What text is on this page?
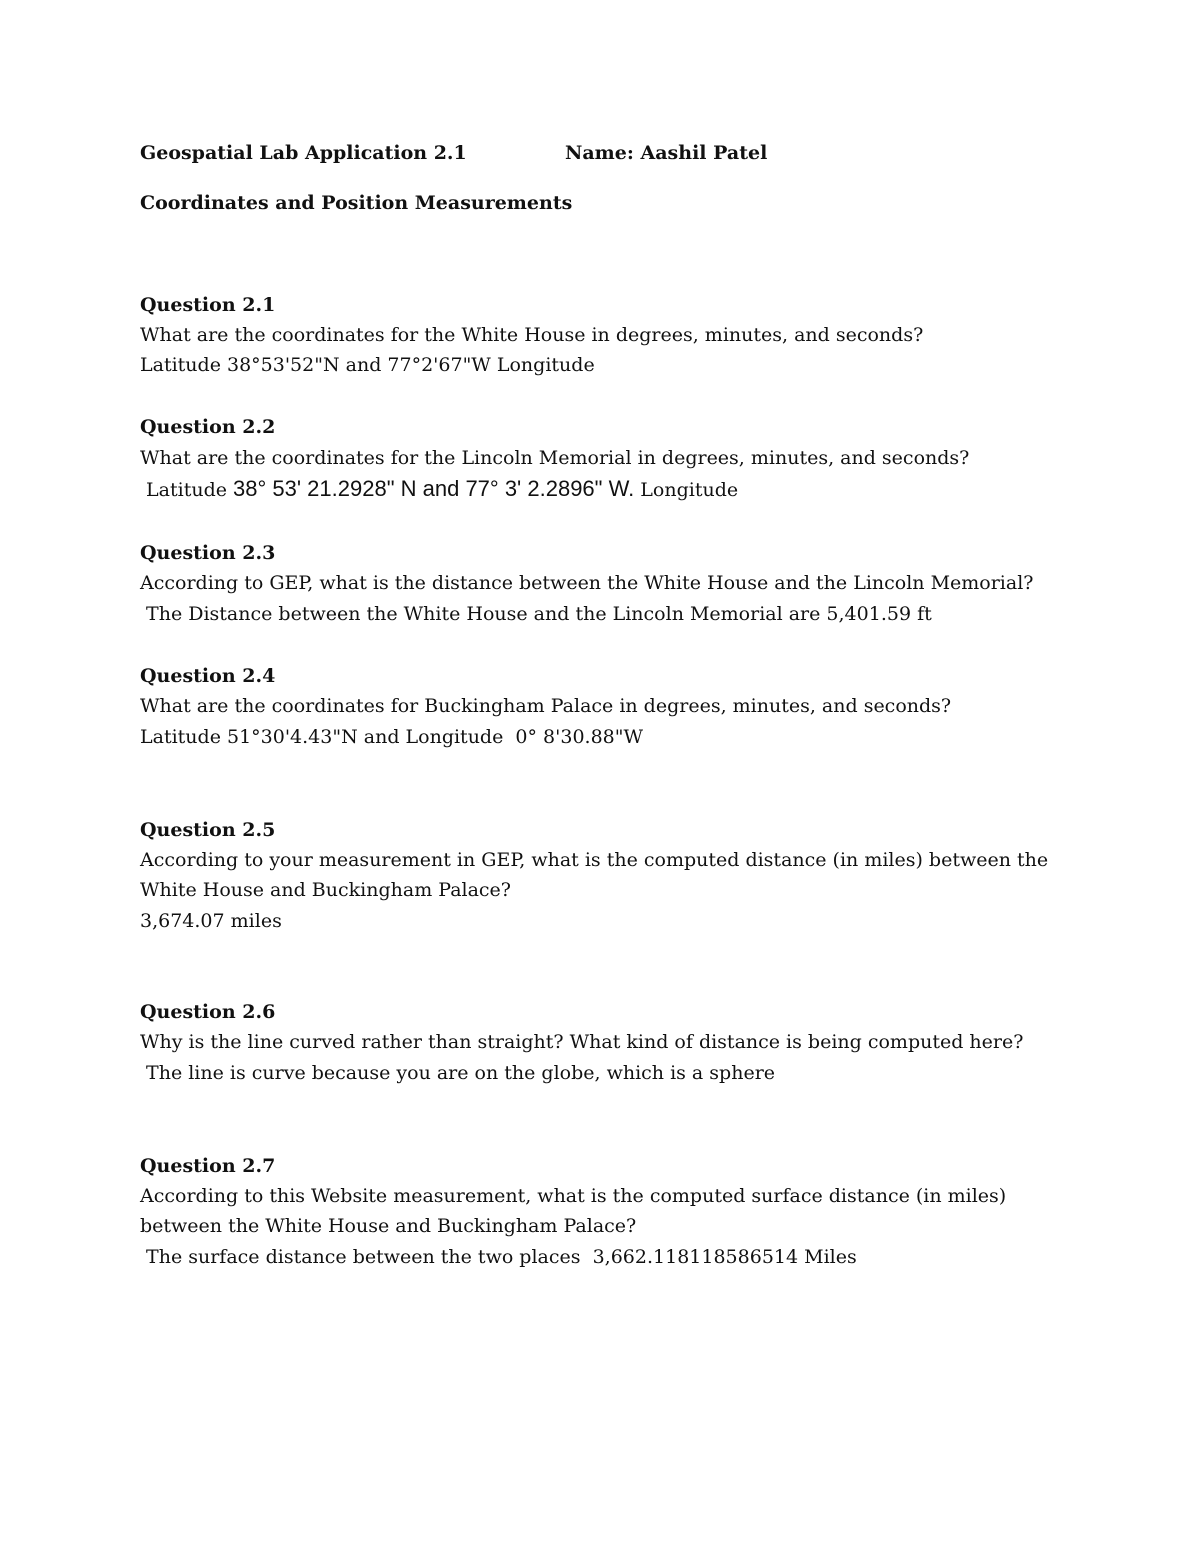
Geospatial Lab Application 2.1	Name: Aashil Patel

Coordinates and Position Measurements

Question 2.1

What are the coordinates for the White House in degrees, minutes, and seconds?

Latitude 38°53'52"N and 77°2'67"W Longitude

Question 2.2

What are the coordinates for the Lincoln Memorial in degrees, minutes, and seconds?

Latitude 38° 53' 21.2928" N and 77° 3' 2.2896" W. Longitude

Question 2.3

According to GEP, what is the distance between the White House and the Lincoln Memorial?

The Distance between the White House and the Lincoln Memorial are 5,401.59 ft

Question 2.4

What are the coordinates for Buckingham Palace in degrees, minutes, and seconds?

Latitude 51°30'4.43"N and Longitude  0° 8'30.88"W

Question 2.5

According to your measurement in GEP, what is the computed distance (in miles) between the

White House and Buckingham Palace?

3,674.07 miles

Question 2.6

Why is the line curved rather than straight? What kind of distance is being computed here?

The line is curve because you are on the globe, which is a sphere

Question 2.7

According to this Website measurement, what is the computed surface distance (in miles)

between the White House and Buckingham Palace?

The surface distance between the two places  3,662.118118586514 Miles
